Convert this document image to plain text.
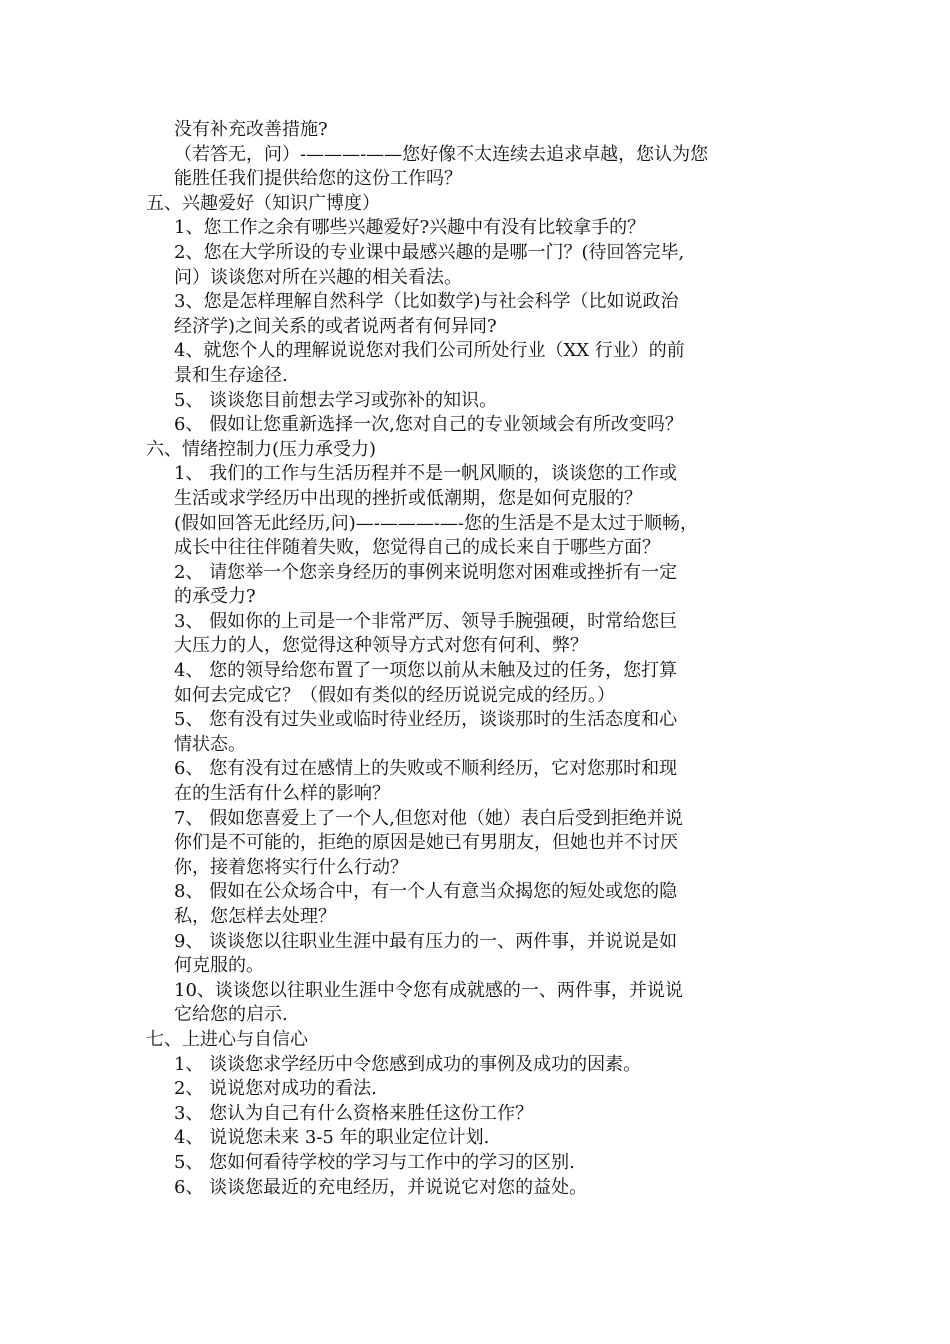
没有补充改善措施?

（若答无，问）-———-——您好像不太连续去追求卓越，您认为您

能胜任我们提供给您的这份工作吗？

五、兴趣爱好（知识广博度）

1、您工作之余有哪些兴趣爱好?兴趣中有没有比较拿手的？

2、您在大学所设的专业课中最感兴趣的是哪一门？(待回答完毕,

问）谈谈您对所在兴趣的相关看法。

3、您是怎样理解自然科学（比如数学)与社会科学（比如说政治

经济学)之间关系的或者说两者有何异同?

4、就您个人的理解说说您对我们公司所处行业（XX 行业）的前

景和生存途径.

5、 谈谈您目前想去学习或弥补的知识。

6、 假如让您重新选择一次,您对自己的专业领域会有所改变吗？

六、情绪控制力(压力承受力)

1、 我们的工作与生活历程并不是一帆风顺的，谈谈您的工作或

生活或求学经历中出现的挫折或低潮期，您是如何克服的？

(假如回答无此经历,问)—-———-—-您的生活是不是太过于顺畅，

成长中往往伴随着失败，您觉得自己的成长来自于哪些方面？

2、 请您举一个您亲身经历的事例来说明您对困难或挫折有一定

的承受力?

3、 假如你的上司是一个非常严厉、领导手腕强硬，时常给您巨

大压力的人，您觉得这种领导方式对您有何利、弊？

4、 您的领导给您布置了一项您以前从未触及过的任务，您打算

如何去完成它？（假如有类似的经历说说完成的经历。）

5、 您有没有过失业或临时待业经历，谈谈那时的生活态度和心

情状态。

6、 您有没有过在感情上的失败或不顺利经历，它对您那时和现

在的生活有什么样的影响？

7、 假如您喜爱上了一个人,但您对他（她）表白后受到拒绝并说

你们是不可能的，拒绝的原因是她已有男朋友，但她也并不讨厌

你，接着您将实行什么行动？

8、 假如在公众场合中，有一个人有意当众揭您的短处或您的隐

私，您怎样去处理？

9、 谈谈您以往职业生涯中最有压力的一、两件事，并说说是如

何克服的。

10、谈谈您以往职业生涯中令您有成就感的一、两件事，并说说

它给您的启示.

七、上进心与自信心

1、 谈谈您求学经历中令您感到成功的事例及成功的因素。

2、 说说您对成功的看法.

3、 您认为自己有什么资格来胜任这份工作？

4、 说说您未来 3-5 年的职业定位计划.

5、 您如何看待学校的学习与工作中的学习的区别.

6、 谈谈您最近的充电经历，并说说它对您的益处。
